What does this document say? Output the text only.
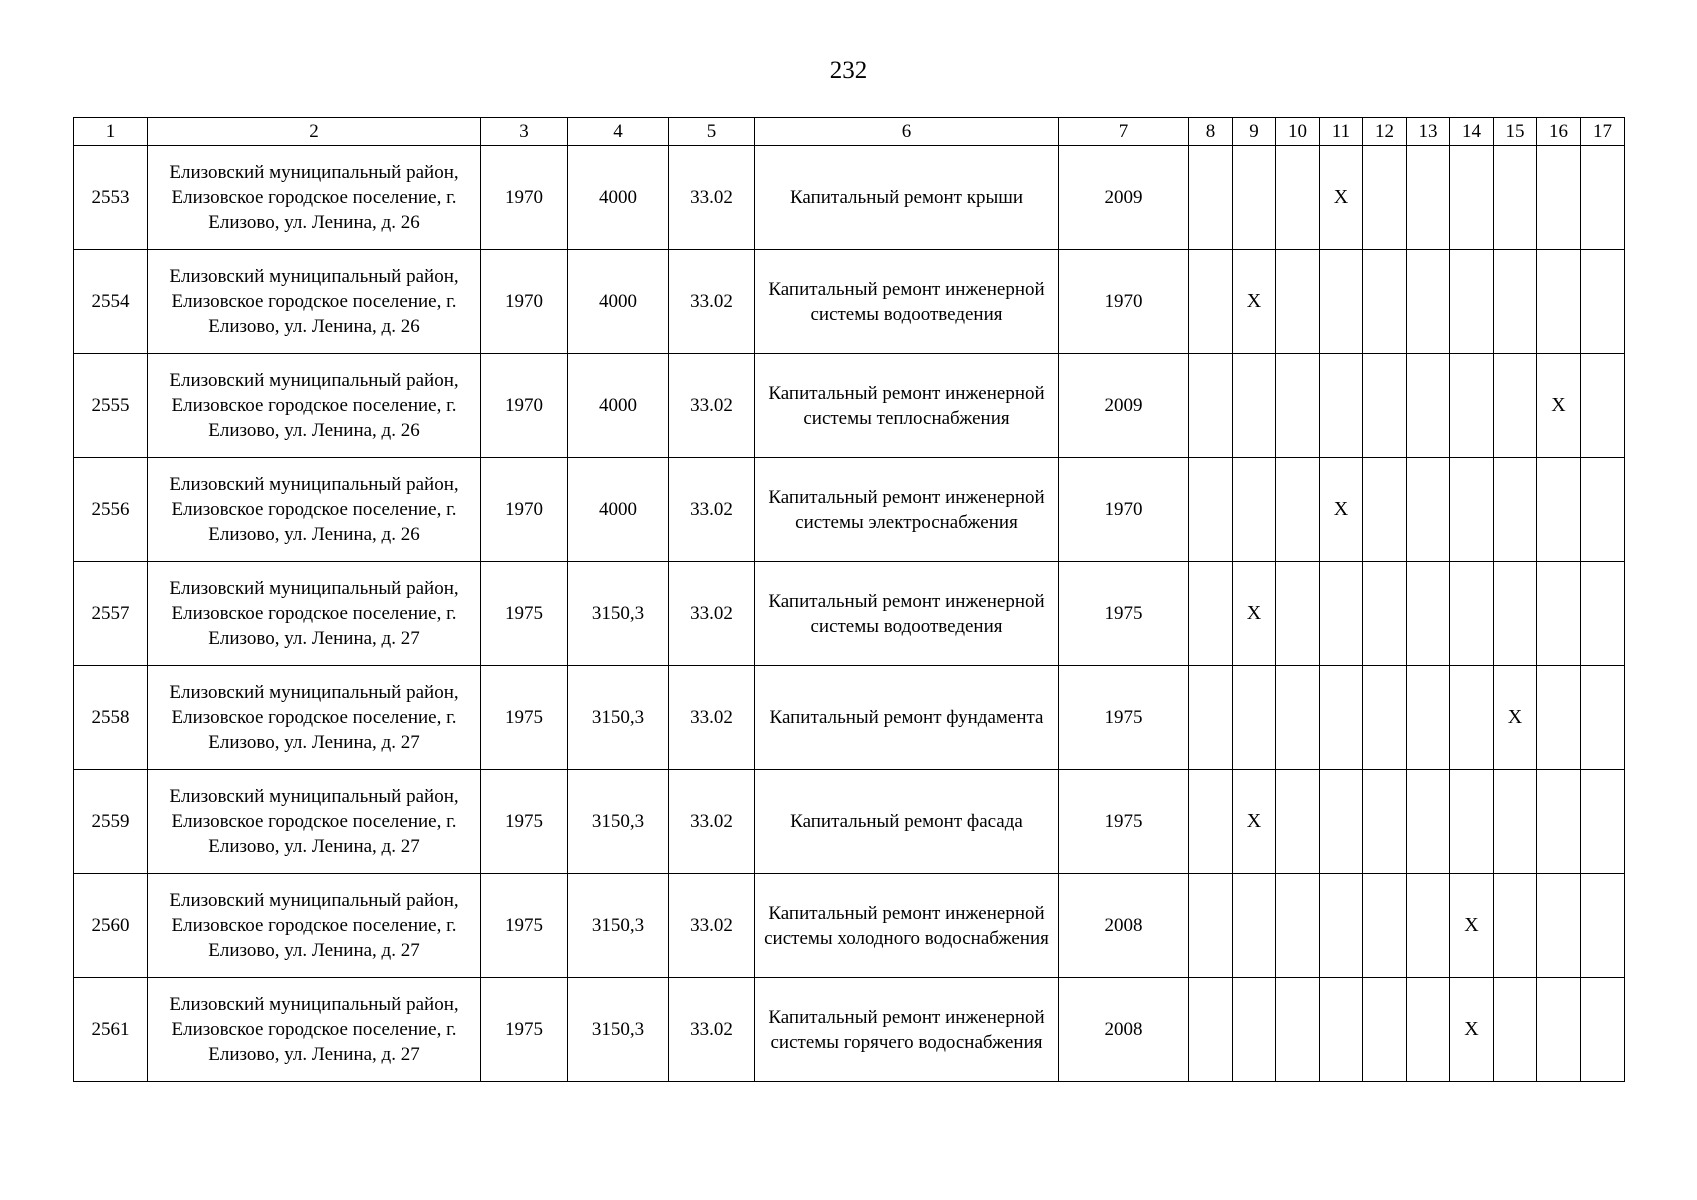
232
1	2	3	4	5	6	7	8	9	10	11	12	13	14	15	16	17
2553	Елизовский муниципальный район, Елизовское городское поселение, г. Елизово, ул. Ленина, д. 26	1970	4000	33.02	Капитальный ремонт крыши	2009				X						
2554	Елизовский муниципальный район, Елизовское городское поселение, г. Елизово, ул. Ленина, д. 26	1970	4000	33.02	Капитальный ремонт инженерной системы водоотведения	1970		X								
2555	Елизовский муниципальный район, Елизовское городское поселение, г. Елизово, ул. Ленина, д. 26	1970	4000	33.02	Капитальный ремонт инженерной системы теплоснабжения	2009									X	
2556	Елизовский муниципальный район, Елизовское городское поселение, г. Елизово, ул. Ленина, д. 26	1970	4000	33.02	Капитальный ремонт инженерной системы электроснабжения	1970				X						
2557	Елизовский муниципальный район, Елизовское городское поселение, г. Елизово, ул. Ленина, д. 27	1975	3150,3	33.02	Капитальный ремонт инженерной системы водоотведения	1975		X								
2558	Елизовский муниципальный район, Елизовское городское поселение, г. Елизово, ул. Ленина, д. 27	1975	3150,3	33.02	Капитальный ремонт фундамента	1975								X		
2559	Елизовский муниципальный район, Елизовское городское поселение, г. Елизово, ул. Ленина, д. 27	1975	3150,3	33.02	Капитальный ремонт фасада	1975		X								
2560	Елизовский муниципальный район, Елизовское городское поселение, г. Елизово, ул. Ленина, д. 27	1975	3150,3	33.02	Капитальный ремонт инженерной системы холодного водоснабжения	2008							X			
2561	Елизовский муниципальный район, Елизовское городское поселение, г. Елизово, ул. Ленина, д. 27	1975	3150,3	33.02	Капитальный ремонт инженерной системы горячего водоснабжения	2008							X			
